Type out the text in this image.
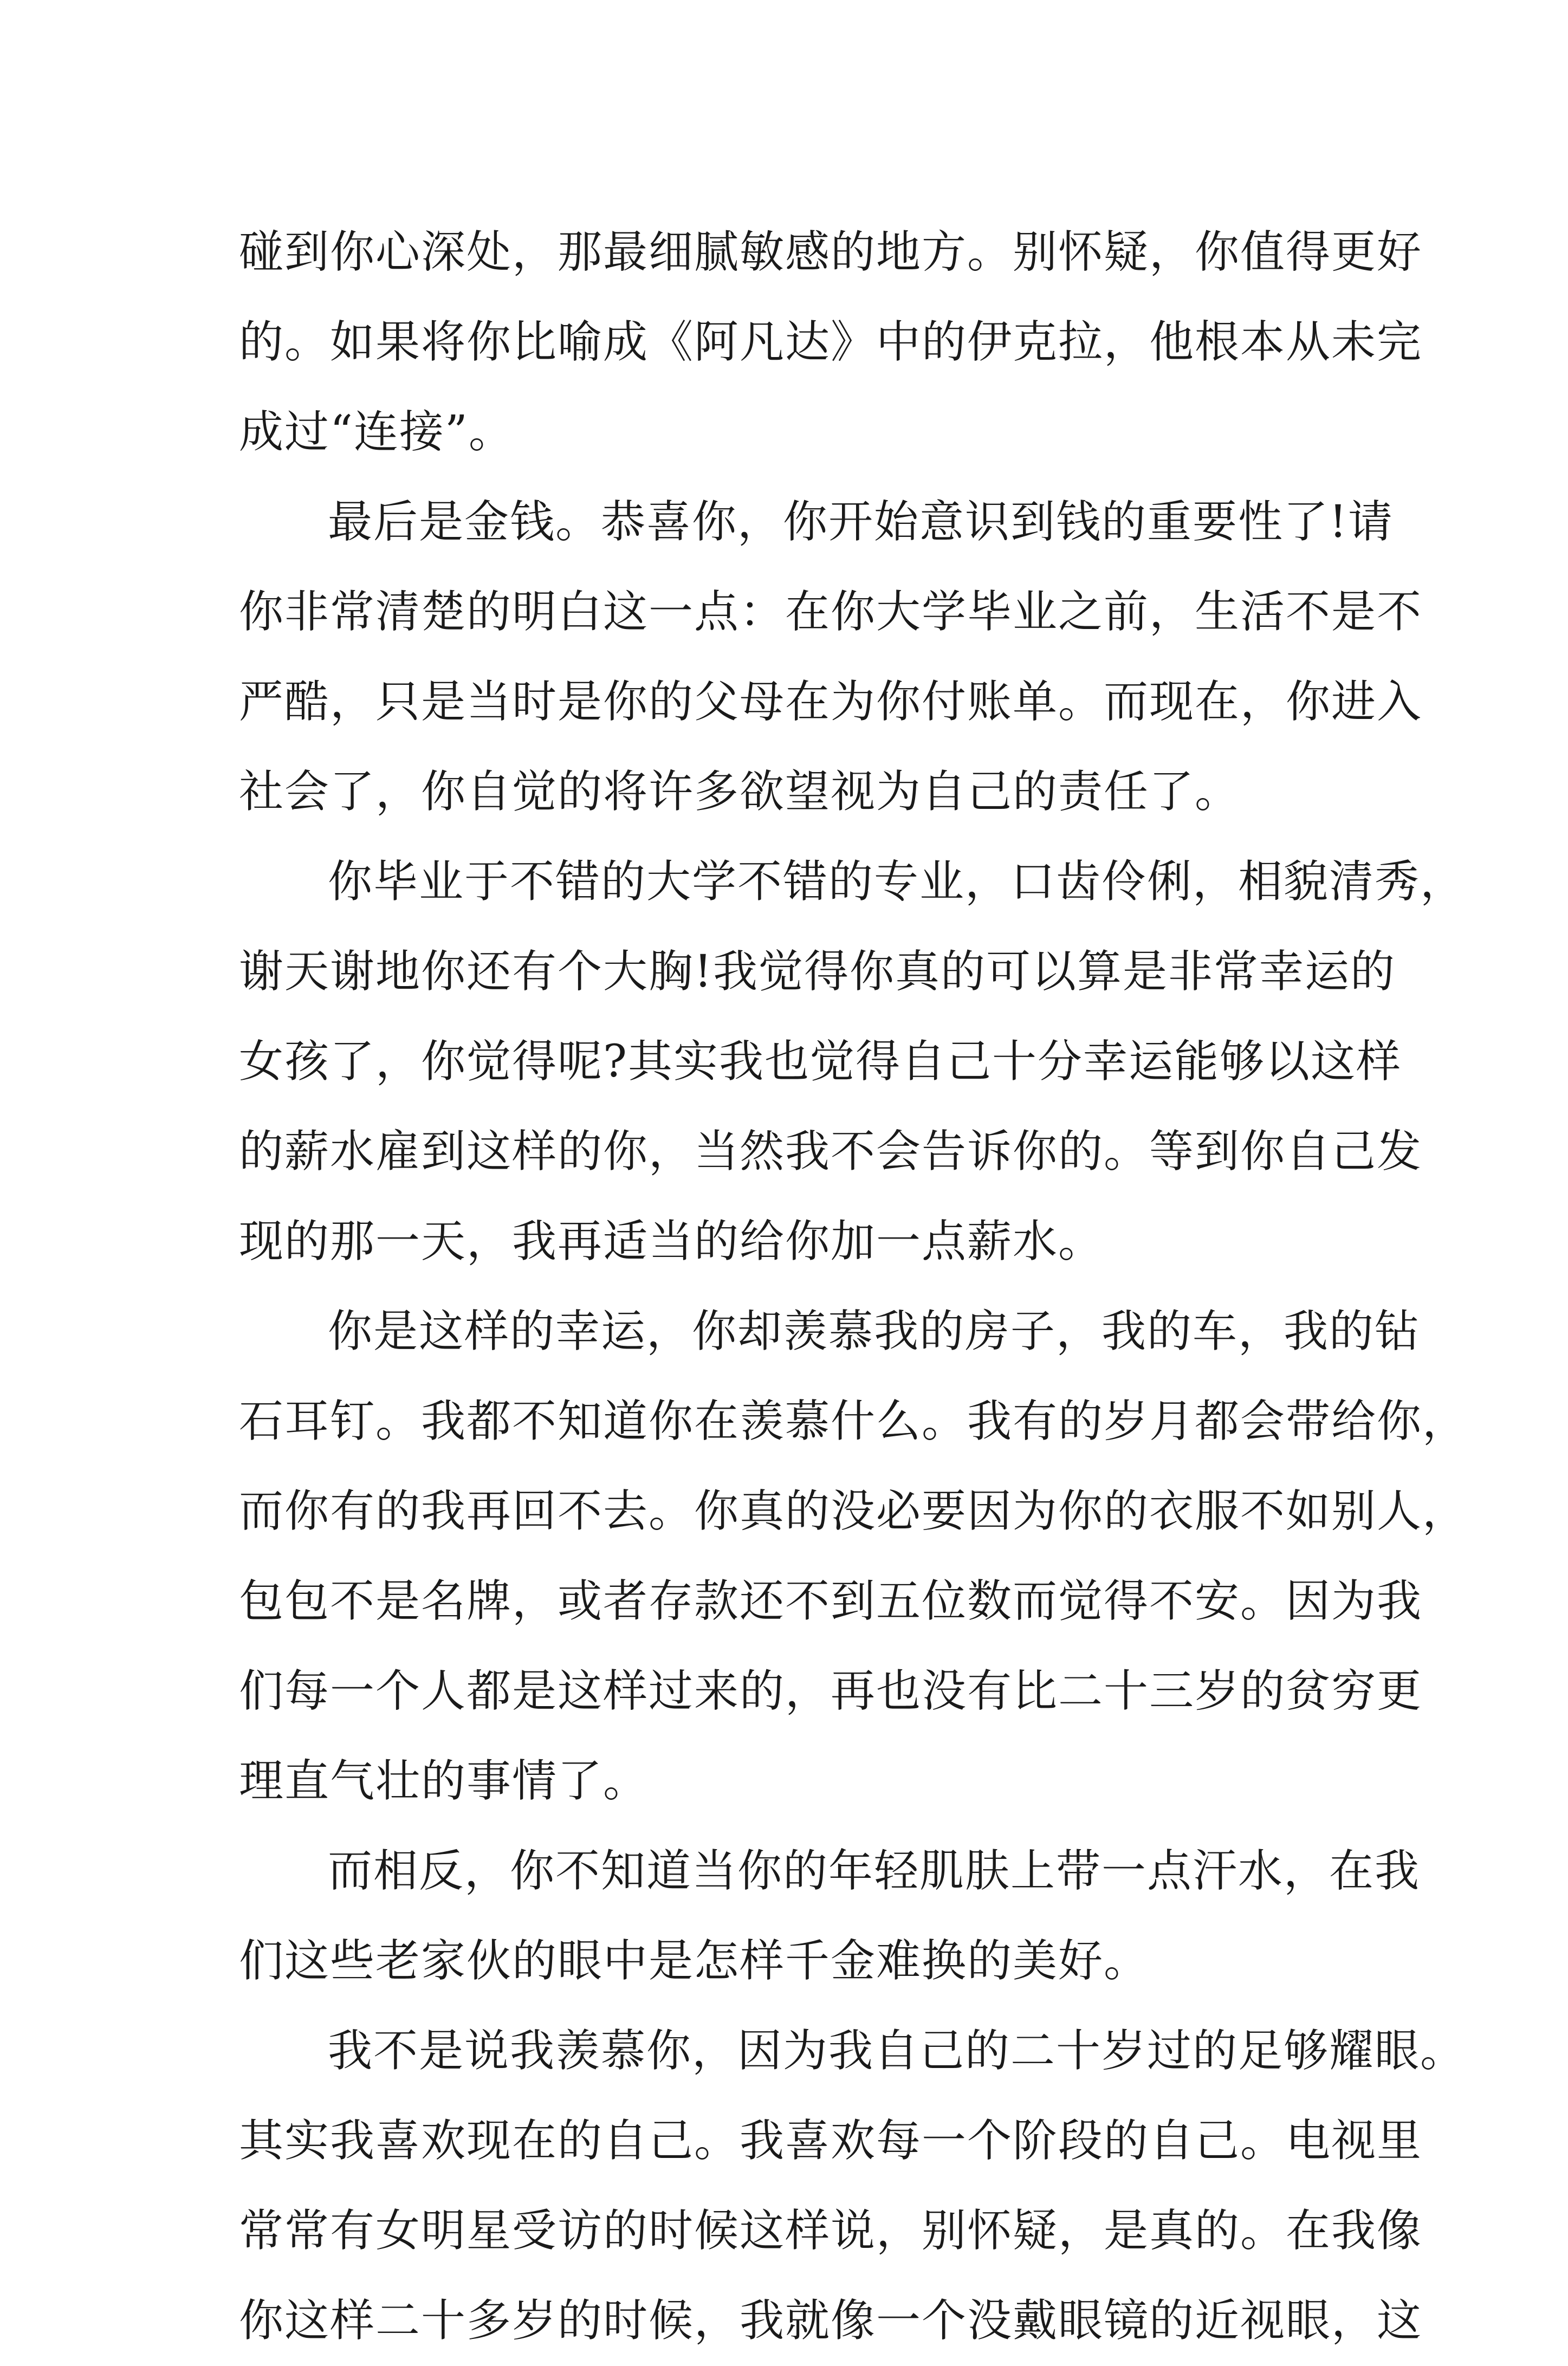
碰到你心深处，那最细腻敏感的地方。别怀疑，你值得更好
的。如果将你比喻成《阿凡达》中的伊克拉，他根本从未完
成过“连接”。
最后是金钱。恭喜你，你开始意识到钱的重要性了!请
你非常清楚的明白这一点：在你大学毕业之前，生活不是不
严酷，只是当时是你的父母在为你付账单。而现在，你进入
社会了，你自觉的将许多欲望视为自己的责任了。
你毕业于不错的大学不错的专业，口齿伶俐，相貌清秀，
谢天谢地你还有个大胸!我觉得你真的可以算是非常幸运的
女孩了，你觉得呢?其实我也觉得自己十分幸运能够以这样
的薪水雇到这样的你，当然我不会告诉你的。等到你自己发
现的那一天，我再适当的给你加一点薪水。
你是这样的幸运，你却羡慕我的房子，我的车，我的钻
石耳钉。我都不知道你在羡慕什么。我有的岁月都会带给你，
而你有的我再回不去。你真的没必要因为你的衣服不如别人，
包包不是名牌，或者存款还不到五位数而觉得不安。因为我
们每一个人都是这样过来的，再也没有比二十三岁的贫穷更
理直气壮的事情了。
而相反，你不知道当你的年轻肌肤上带一点汗水，在我
们这些老家伙的眼中是怎样千金难换的美好。
我不是说我羡慕你，因为我自己的二十岁过的足够耀眼。
其实我喜欢现在的自己。我喜欢每一个阶段的自己。电视里
常常有女明星受访的时候这样说，别怀疑，是真的。在我像
你这样二十多岁的时候，我就像一个没戴眼镜的近视眼，这
